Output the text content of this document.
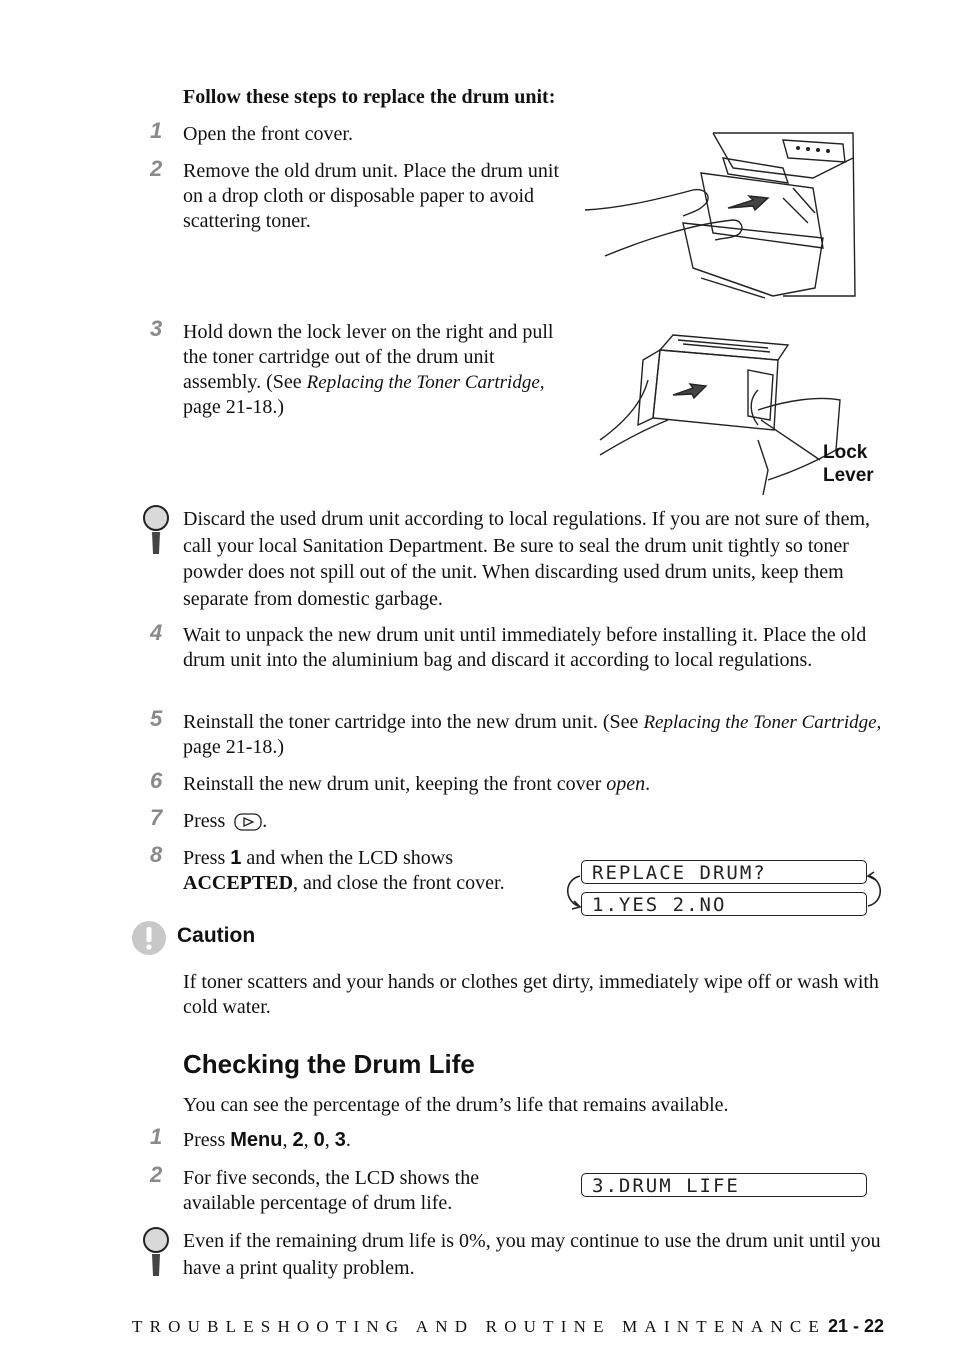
Follow these steps to replace the drum unit:
1 Open the front cover.
2 Remove the old drum unit. Place the drum unit on a drop cloth or disposable paper to avoid scattering toner.
3 Hold down the lock lever on the right and pull the toner cartridge out of the drum unit assembly. (See Replacing the Toner Cartridge, page 21-18.)
Lock
Lever
Discard the used drum unit according to local regulations. If you are not sure of them, call your local Sanitation Department. Be sure to seal the drum unit tightly so toner powder does not spill out of the unit. When discarding used drum units, keep them separate from domestic garbage.
4 Wait to unpack the new drum unit until immediately before installing it. Place the old drum unit into the aluminium bag and discard it according to local regulations.
5 Reinstall the toner cartridge into the new drum unit. (See Replacing the Toner Cartridge, page 21-18.)
6 Reinstall the new drum unit, keeping the front cover open.
7 Press .
8 Press 1 and when the LCD shows ACCEPTED, and close the front cover.	REPLACE DRUM?
1.YES 2.NO
Caution
If toner scatters and your hands or clothes get dirty, immediately wipe off or wash with cold water.
Checking the Drum Life
You can see the percentage of the drum’s life that remains available.
1 Press Menu, 2, 0, 3.
2 For five seconds, the LCD shows the available percentage of drum life.
3.DRUM LIFE
Even if the remaining drum life is 0%, you may continue to use the drum unit until you have a print quality problem.
TROUBLESHOOTING AND ROUTINE MAINTENANCE 21 - 22
